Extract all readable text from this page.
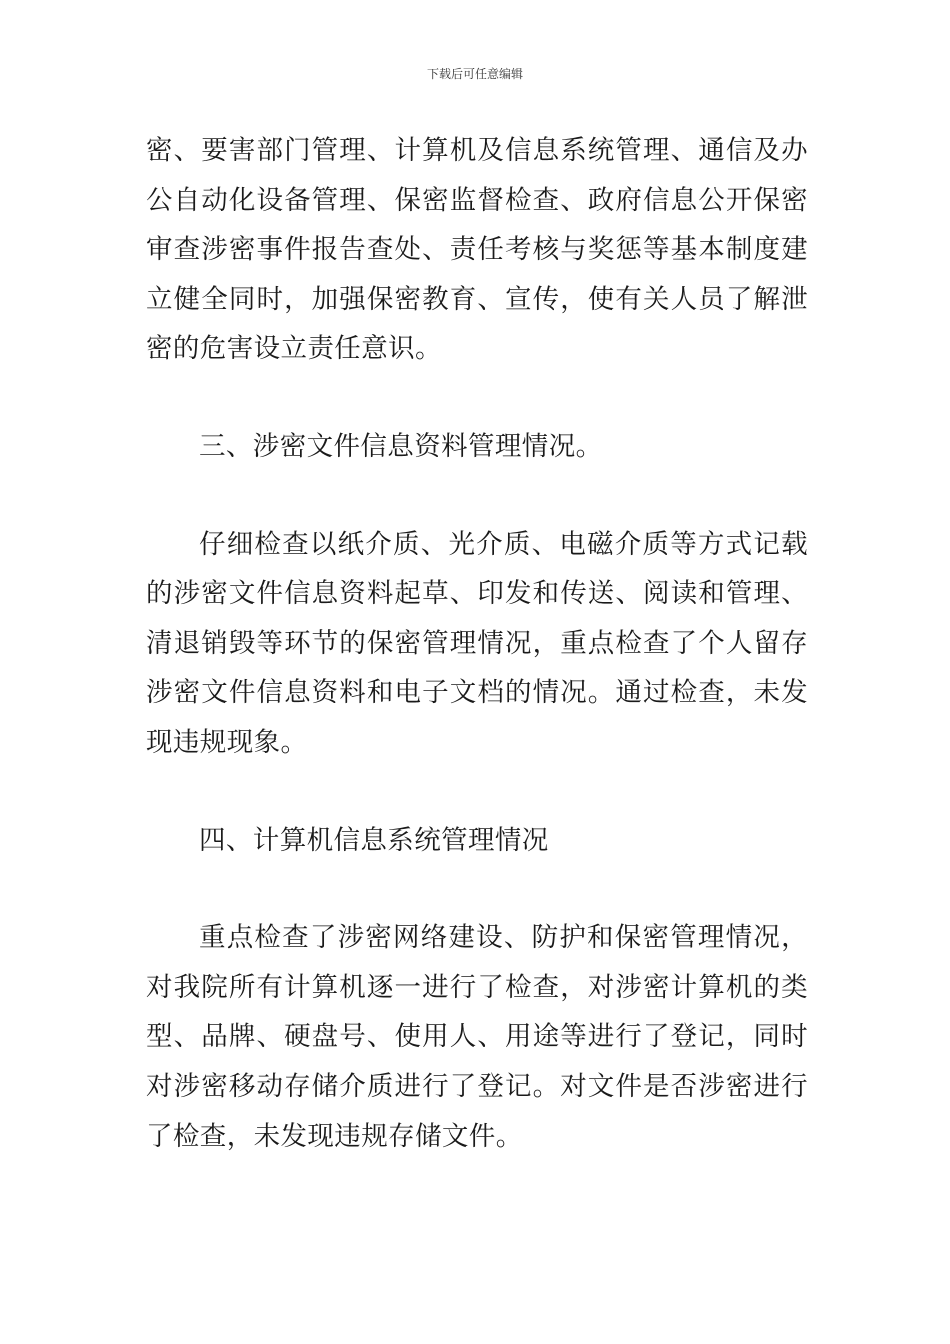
下载后可任意编辑

密、要害部门管理、计算机及信息系统管理、通信及办公自动化设备管理、保密监督检查、政府信息公开保密审查涉密事件报告查处、责任考核与奖惩等基本制度建立健全同时，加强保密教育、宣传，使有关人员了解泄密的危害设立责任意识。

三、涉密文件信息资料管理情况。

仔细检查以纸介质、光介质、电磁介质等方式记载的涉密文件信息资料起草、印发和传送、阅读和管理、清退销毁等环节的保密管理情况，重点检查了个人留存涉密文件信息资料和电子文档的情况。通过检查，未发现违规现象。

四、计算机信息系统管理情况

重点检查了涉密网络建设、防护和保密管理情况，对我院所有计算机逐一进行了检查，对涉密计算机的类型、品牌、硬盘号、使用人、用途等进行了登记，同时对涉密移动存储介质进行了登记。对文件是否涉密进行了检查，未发现违规存储文件。
